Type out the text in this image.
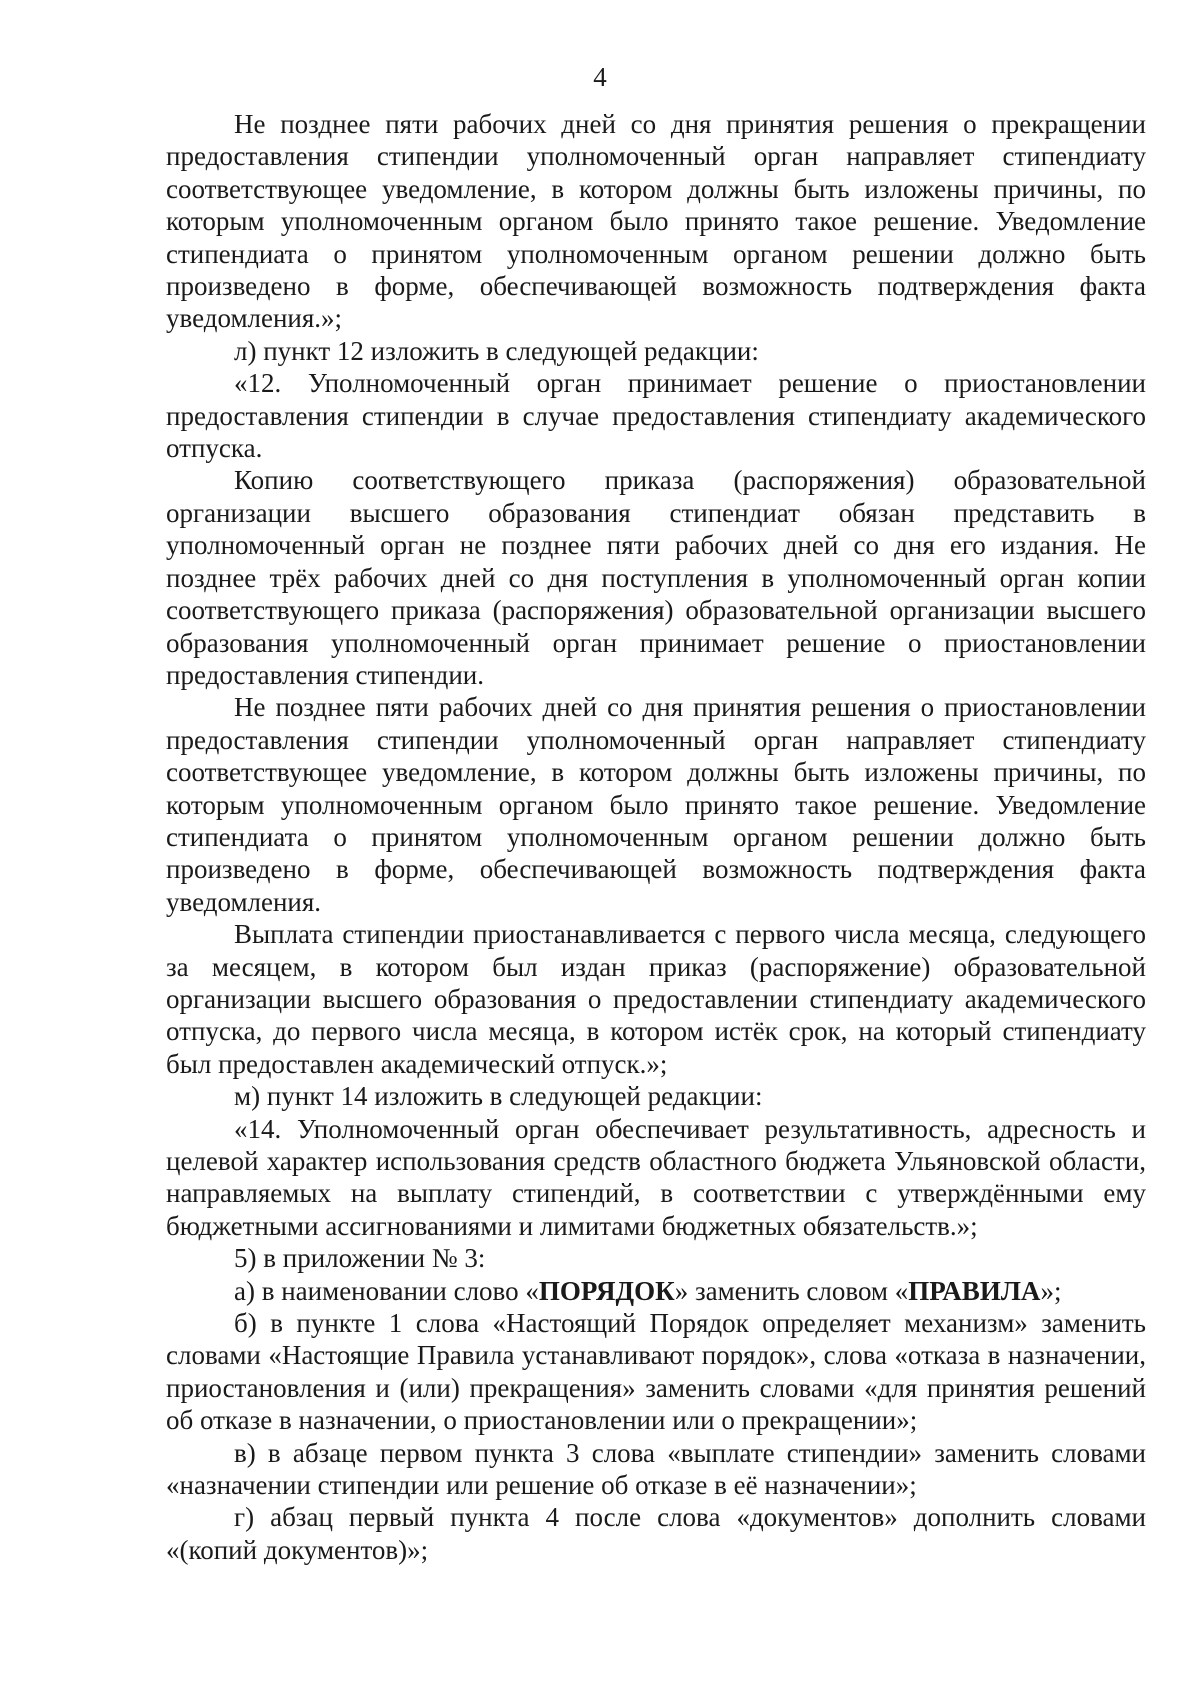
4

Не позднее пяти рабочих дней со дня принятия решения о прекращении предоставления стипендии уполномоченный орган направляет стипендиату соответствующее уведомление, в котором должны быть изложены причины, по которым уполномоченным органом было принято такое решение. Уведомление стипендиата о принятом уполномоченным органом решении должно быть произведено в форме, обеспечивающей возможность подтверждения факта уведомления.»;

л) пункт 12 изложить в следующей редакции:

«12. Уполномоченный орган принимает решение о приостановлении предоставления стипендии в случае предоставления стипендиату академического отпуска.

Копию соответствующего приказа (распоряжения) образовательной организации высшего образования стипендиат обязан представить в уполномоченный орган не позднее пяти рабочих дней со дня его издания. Не позднее трёх рабочих дней со дня поступления в уполномоченный орган копии соответствующего приказа (распоряжения) образовательной организации высшего образования уполномоченный орган принимает решение о приостановлении предоставления стипендии.

Не позднее пяти рабочих дней со дня принятия решения о приостановлении предоставления стипендии уполномоченный орган направляет стипендиату соответствующее уведомление, в котором должны быть изложены причины, по которым уполномоченным органом было принято такое решение. Уведомление стипендиата о принятом уполномоченным органом решении должно быть произведено в форме, обеспечивающей возможность подтверждения факта уведомления.

Выплата стипендии приостанавливается с первого числа месяца, следующего за месяцем, в котором был издан приказ (распоряжение) образовательной организации высшего образования о предоставлении стипендиату академического отпуска, до первого числа месяца, в котором истёк срок, на который стипендиату был предоставлен академический отпуск.»;

м) пункт 14 изложить в следующей редакции:

«14. Уполномоченный орган обеспечивает результативность, адресность и целевой характер использования средств областного бюджета Ульяновской области, направляемых на выплату стипендий, в соответствии с утверждёнными ему бюджетными ассигнованиями и лимитами бюджетных обязательств.»;

5) в приложении № 3:

а) в наименовании слово «ПОРЯДОК» заменить словом «ПРАВИЛА»;

б) в пункте 1 слова «Настоящий Порядок определяет механизм» заменить словами «Настоящие Правила устанавливают порядок», слова «отказа в назначении, приостановления и (или) прекращения» заменить словами «для принятия решений об отказе в назначении, о приостановлении или о прекращении»;

в) в абзаце первом пункта 3 слова «выплате стипендии» заменить словами «назначении стипендии или решение об отказе в её назначении»;

г) абзац первый пункта 4 после слова «документов» дополнить словами «(копий документов)»;
